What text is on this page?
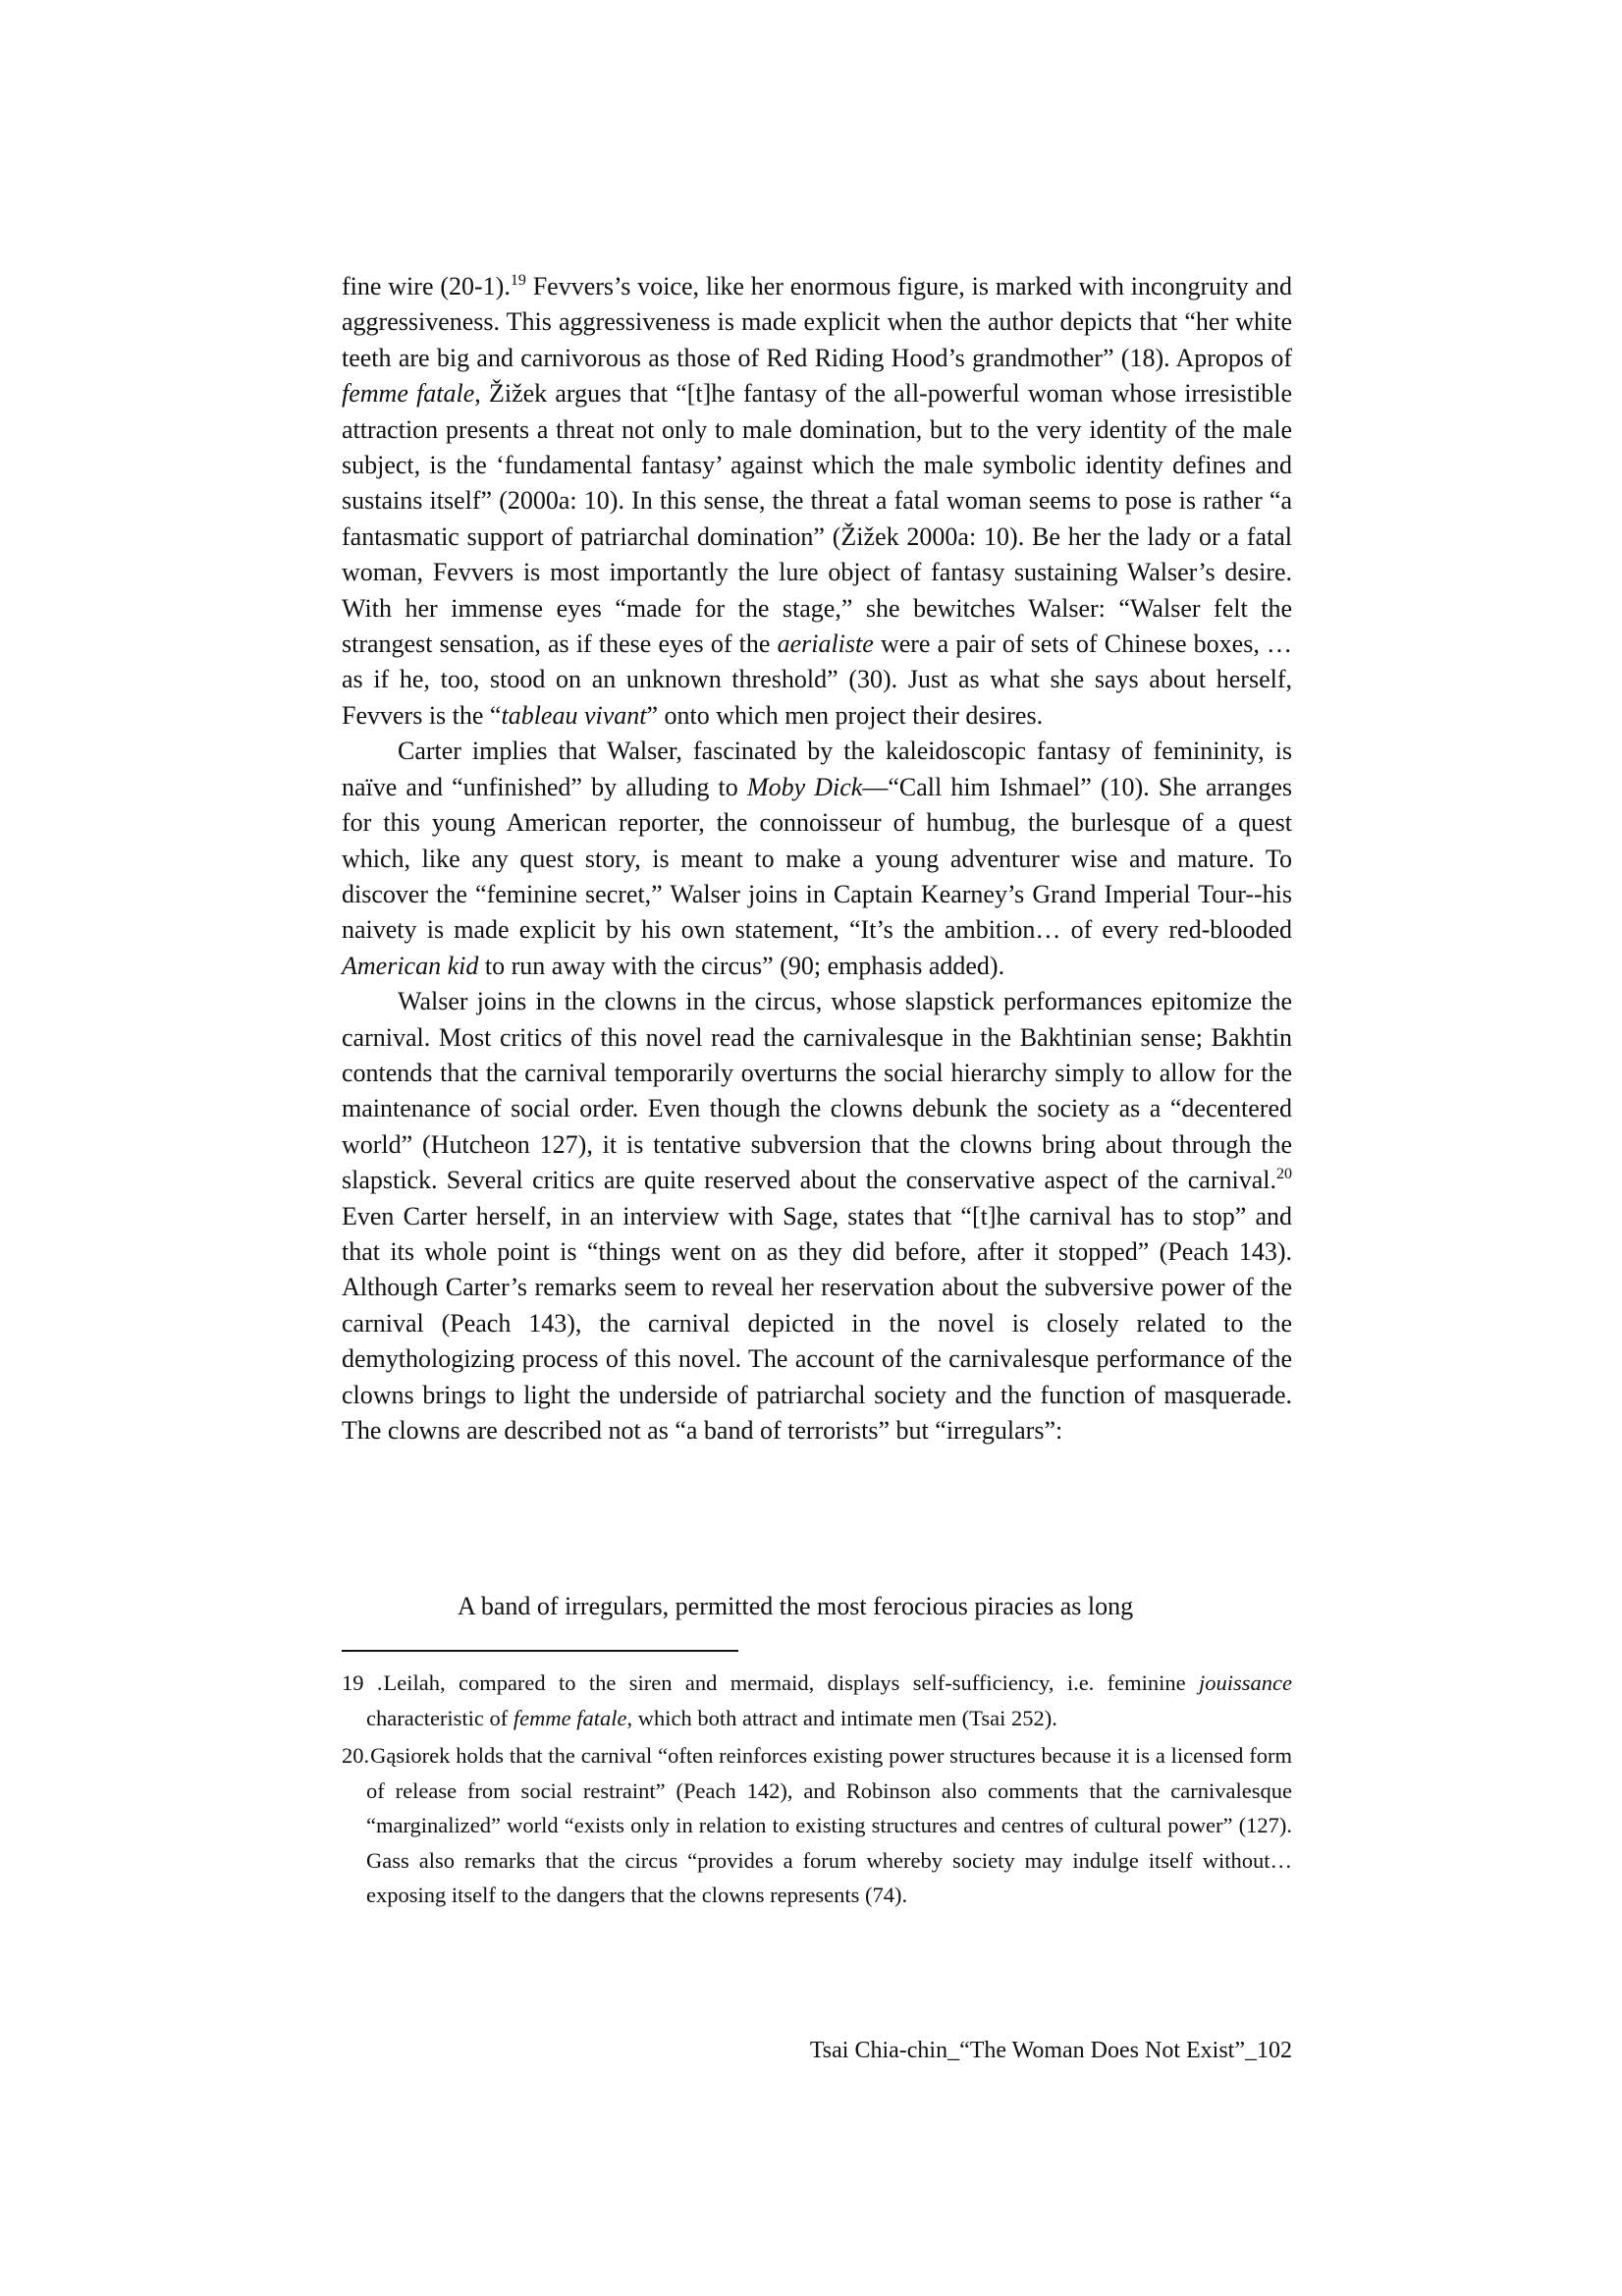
fine wire (20-1).$^{19}$ Fevvers’s voice, like her enormous figure, is marked with incongruity and aggressiveness. This aggressiveness is made explicit when the author depicts that “her white teeth are big and carnivorous as those of Red Riding Hood’s grandmother” (18). Apropos of femme fatale, Žižek argues that “[t]he fantasy of the all-powerful woman whose irresistible attraction presents a threat not only to male domination, but to the very identity of the male subject, is the ‘fundamental fantasy’ against which the male symbolic identity defines and sustains itself” (2000a: 10). In this sense, the threat a fatal woman seems to pose is rather “a fantasmatic support of patriarchal domination” (Žižek 2000a: 10). Be her the lady or a fatal woman, Fevvers is most importantly the lure object of fantasy sustaining Walser’s desire. With her immense eyes “made for the stage,” she bewitches Walser: “Walser felt the strangest sensation, as if these eyes of the aerialiste were a pair of sets of Chinese boxes, … as if he, too, stood on an unknown threshold” (30). Just as what she says about herself, Fevvers is the “tableau vivant” onto which men project their desires.

Carter implies that Walser, fascinated by the kaleidoscopic fantasy of femininity, is naïve and “unfinished” by alluding to Moby Dick—“Call him Ishmael” (10). She arranges for this young American reporter, the connoisseur of humbug, the burlesque of a quest which, like any quest story, is meant to make a young adventurer wise and mature. To discover the “feminine secret,” Walser joins in Captain Kearney’s Grand Imperial Tour--his naivety is made explicit by his own statement, “It’s the ambition… of every red-blooded American kid to run away with the circus” (90; emphasis added).

Walser joins in the clowns in the circus, whose slapstick performances epitomize the carnival. Most critics of this novel read the carnivalesque in the Bakhtinian sense; Bakhtin contends that the carnival temporarily overturns the social hierarchy simply to allow for the maintenance of social order. Even though the clowns debunk the society as a “decentered world” (Hutcheon 127), it is tentative subversion that the clowns bring about through the slapstick. Several critics are quite reserved about the conservative aspect of the carnival.$^{20}$ Even Carter herself, in an interview with Sage, states that “[t]he carnival has to stop” and that its whole point is “things went on as they did before, after it stopped” (Peach 143). Although Carter’s remarks seem to reveal her reservation about the subversive power of the carnival (Peach 143), the carnival depicted in the novel is closely related to the demythologizing process of this novel. The account of the carnivalesque performance of the clowns brings to light the underside of patriarchal society and the function of masquerade. The clowns are described not as “a band of terrorists” but “irregulars”:

A band of irregulars, permitted the most ferocious piracies as long

19 .Leilah, compared to the siren and mermaid, displays self-sufficiency, i.e. feminine jouissance characteristic of femme fatale, which both attract and intimate men (Tsai 252).

20.Gąsiorek holds that the carnival “often reinforces existing power structures because it is a licensed form of release from social restraint” (Peach 142), and Robinson also comments that the carnivalesque “marginalized” world “exists only in relation to existing structures and centres of cultural power” (127). Gass also remarks that the circus “provides a forum whereby society may indulge itself without… exposing itself to the dangers that the clowns represents (74).

Tsai Chia-chin_“The Woman Does Not Exist”_102
